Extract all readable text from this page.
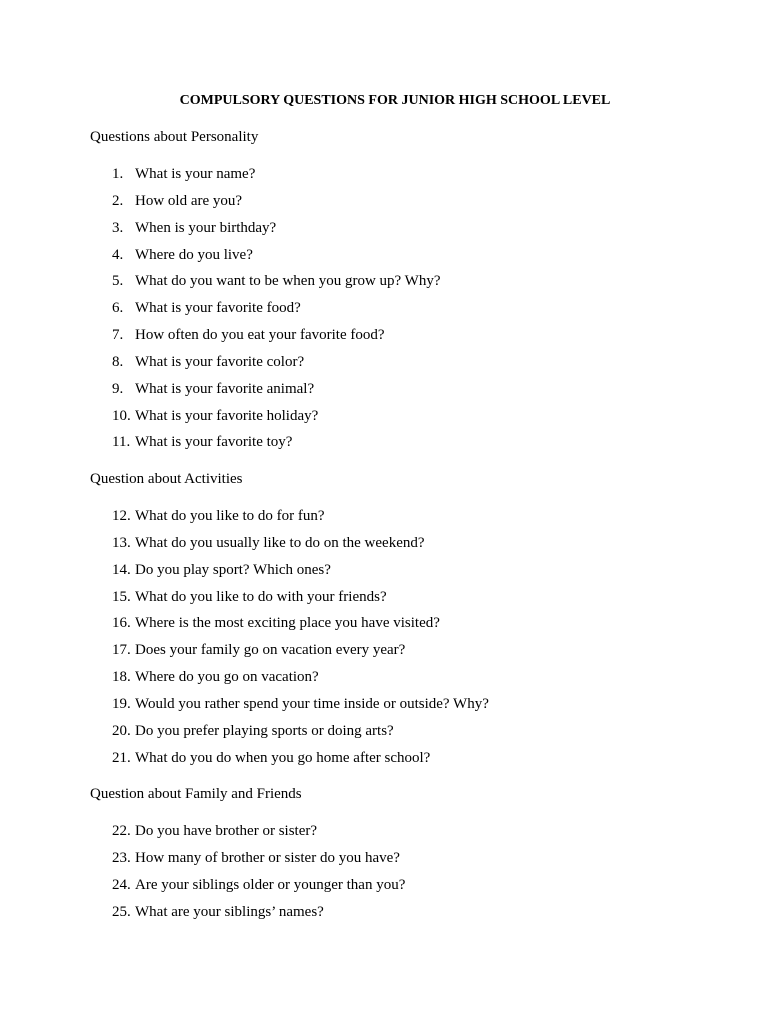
COMPULSORY QUESTIONS FOR JUNIOR HIGH SCHOOL LEVEL

Questions about Personality

1. What is your name?
2. How old are you?
3. When is your birthday?
4. Where do you live?
5. What do you want to be when you grow up? Why?
6. What is your favorite food?
7. How often do you eat your favorite food?
8. What is your favorite color?
9. What is your favorite animal?
10. What is your favorite holiday?
11. What is your favorite toy?

Question about Activities

12. What do you like to do for fun?
13. What do you usually like to do on the weekend?
14. Do you play sport? Which ones?
15. What do you like to do with your friends?
16. Where is the most exciting place you have visited?
17. Does your family go on vacation every year?
18. Where do you go on vacation?
19. Would you rather spend your time inside or outside? Why?
20. Do you prefer playing sports or doing arts?
21. What do you do when you go home after school?

Question about Family and Friends

22. Do you have brother or sister?
23. How many of brother or sister do you have?
24. Are your siblings older or younger than you?
25. What are your siblings’ names?
